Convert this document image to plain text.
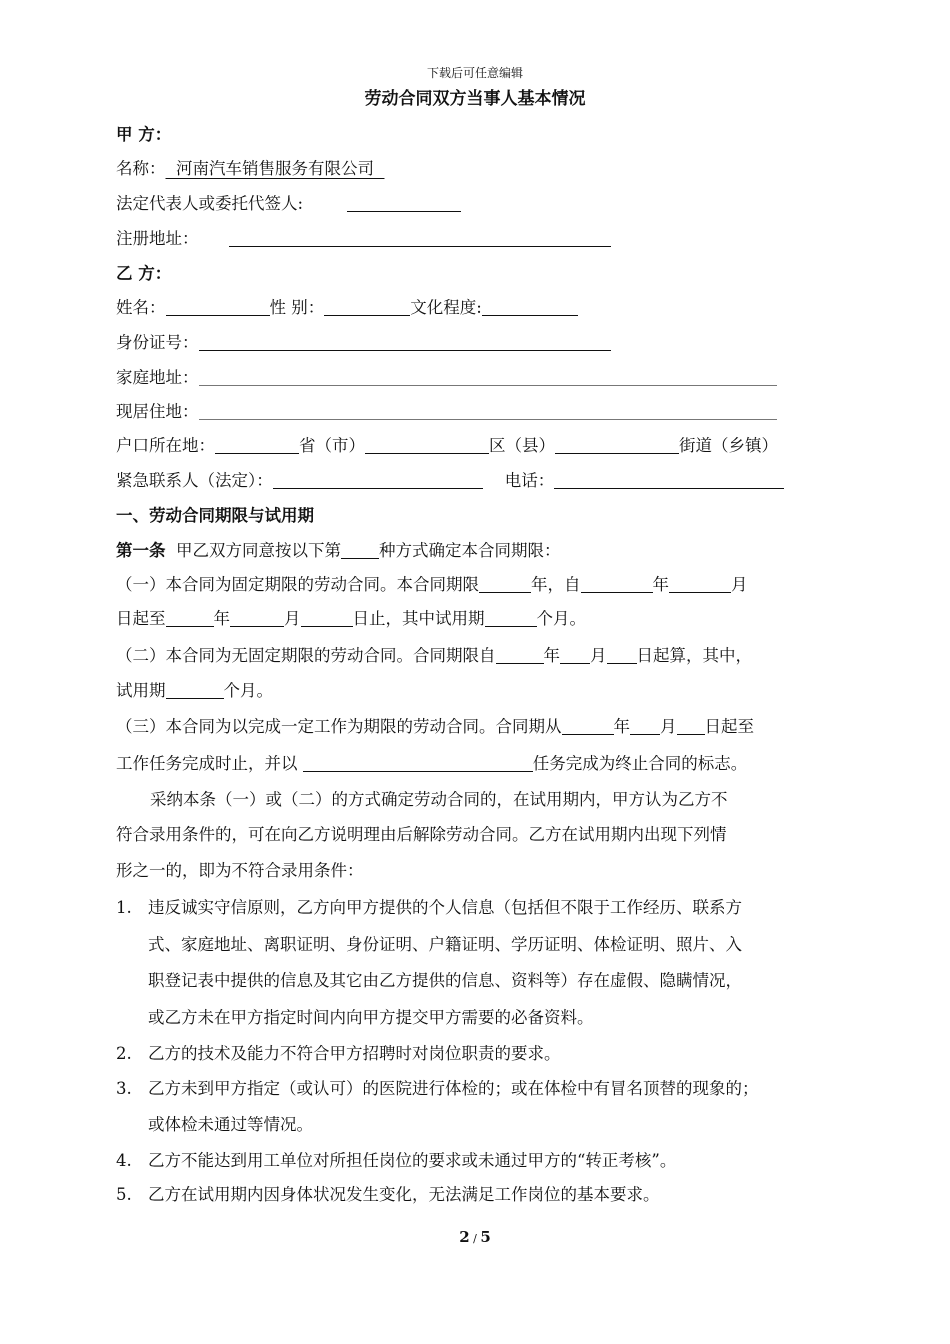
下载后可任意编辑
劳动合同双方当事人基本情况
甲 方：
名称：  河南汽车销售服务有限公司
法定代表人或委托代签人:
注册地址：
乙 方：
姓名：	性 别：	文化程度:
身份证号：
家庭地址：
现居住地：
户口所在地：	省（市）	区（县）	街道（乡镇）
紧急联系人（法定）：	电话：
一、劳动合同期限与试用期
第一条  甲乙双方同意按以下第 种方式确定本合同期限：
（一）本合同为固定期限的劳动合同。本合同期限	年，自	年	月
日起至	年	月	日止，其中试用期	个月。
（二）本合同为无固定期限的劳动合同。合同期限自	年 月 日起算，其中，
试用期	个月。
（三）本合同为以完成一定工作为期限的劳动合同。合同期从	年 月 日起至
工作任务完成时止，并以	任务完成为终止合同的标志。
采纳本条（一）或（二）的方式确定劳动合同的，在试用期内，甲方认为乙方不
符合录用条件的，可在向乙方说明理由后解除劳动合同。乙方在试用期内出现下列情
形之一的，即为不符合录用条件：
1. 违反诚实守信原则，乙方向甲方提供的个人信息（包括但不限于工作经历、联系方
式、家庭地址、离职证明、身份证明、户籍证明、学历证明、体检证明、照片、入
职登记表中提供的信息及其它由乙方提供的信息、资料等）存在虚假、隐瞒情况，
或乙方未在甲方指定时间内向甲方提交甲方需要的必备资料。
2. 乙方的技术及能力不符合甲方招聘时对岗位职责的要求。
3. 乙方未到甲方指定（或认可）的医院进行体检的；或在体检中有冒名顶替的现象的；
或体检未通过等情况。
4. 乙方不能达到用工单位对所担任岗位的要求或未通过甲方的“转正考核”。
5. 乙方在试用期内因身体状况发生变化，无法满足工作岗位的基本要求。
2 / 5
